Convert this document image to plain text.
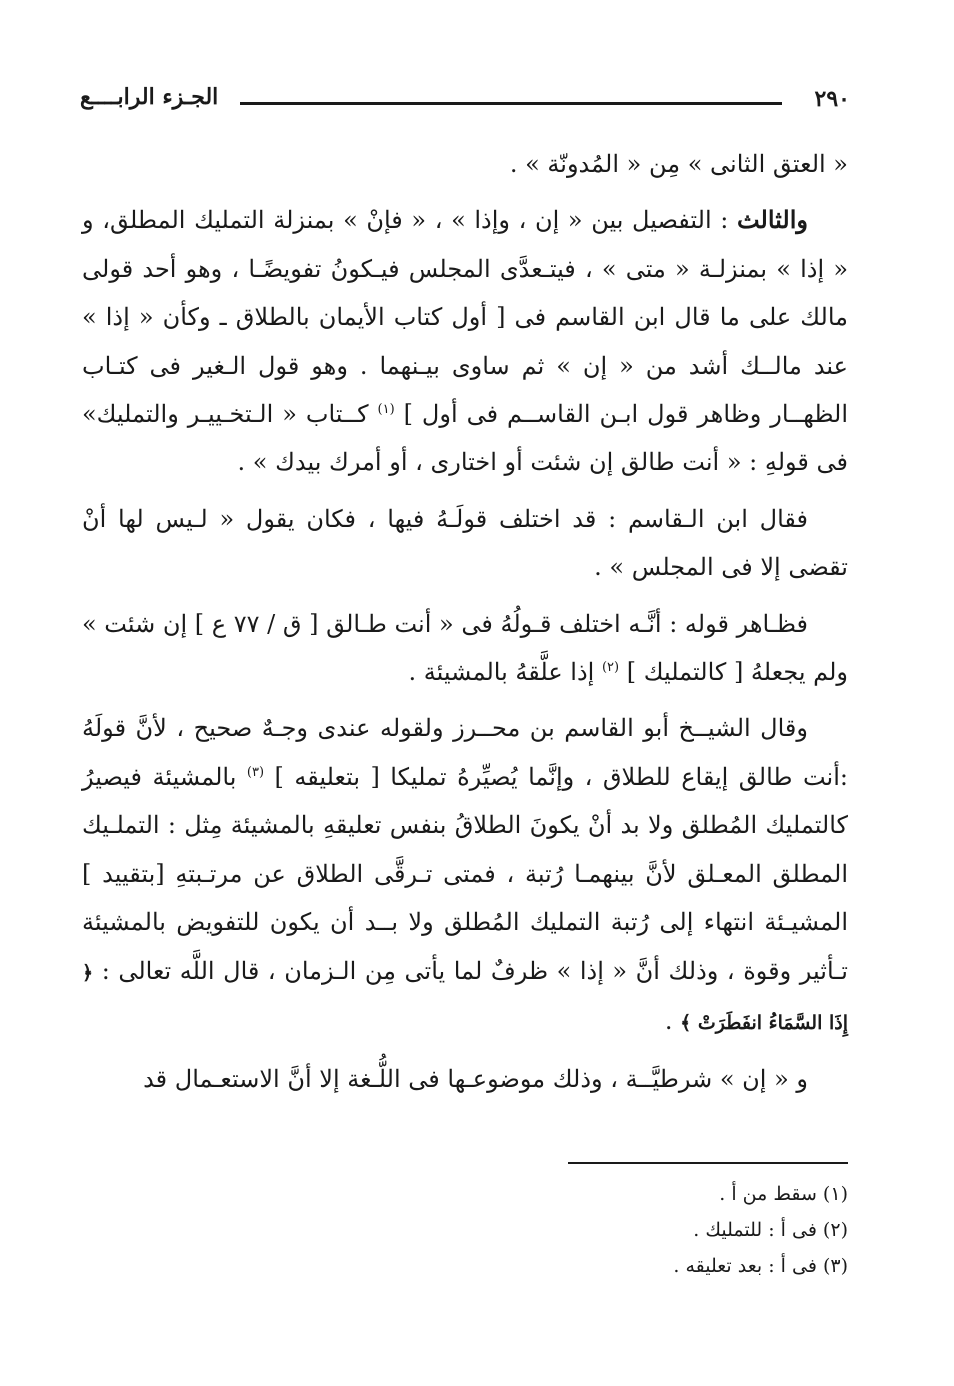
٢٩٠
الجـزء الرابــــع

« العتق الثانى » مِن « المُدونّة » .

والثالث : التفصيل بين « إن ، وإذا » ، « فإنْ » بمنزلة التمليك المطلق، و « إذا » بمنزلـة « متى » ، فيتـعدَّى المجلس فيـكونُ تفويضًـا ، وهو أحد قولى مالك على ما قال ابن القاسم فى [ أول كتاب الأيمان بالطلاق ـ وكأن « إذا » عند مالــك أشد من « إن » ثم ساوى بيـنهما . وهو قول الـغير فى كتـاب الظهــار وظاهر قول ابـن القاســم فى أول ] $^{(١)}$ كــتاب « الـتخـييـر والتمليك» فى قولهِ : « أنت طالق إن شئت أو اختارى ، أو أمرك بيدك » .

فقال ابن الـقاسم : قد اختلف قولَـهُ فيها ، فكان يقول « لـيس لها أنْ تقضى إلا فى المجلس » .

فظـاهر قوله : أنَّـه اختلف قـولُهُ فى « أنت طـالق [ ق / ٧٧ ع ] إن شئت » ولم يجعلهُ [ كالتمليك ] $^{(٢)}$ إذا علَّقهُ بالمشيئة .

وقال الشيــخ أبو القاسم بن محــرز ولقوله عندى وجـهٌ صحيح ، لأنَّ قولَهُ :أنت طالق إيقاع للطلاق ، وإنَّما يُصيِّرهُ تمليكا [ بتعليقه ] $^{(٣)}$ بالمشيئة فيصيرُ كالتمليك المُطلق ولا بد أنْ يكونَ الطلاقُ بنفس تعليقهِ بالمشيئة مِثل : التملـيك المطلق المعـلق لأنَّ بينهمـا رُتبة ، فمتى تـرقَّى الطلاق عن مرتـبتهِ [بتقييد ] المشيـئة انتهاء إلى رُتبة التمليك المُطلق ولا بــد أن يكون للتفويض بالمشيئة تـأثير وقوة ، وذلك أنَّ « إذا » ظرفٌ لما يأتى مِن الـزمان ، قال اللَّه تعالى : ﴿ إِذَا السَّمَاءُ انفَطَرَتْ ﴾ .

و « إن » شرطيَّــة ، وذلك موضوعـها فى اللُّـغة إلا أنَّ الاستعـمال قد

(١) سقط من أ .
(٢) فى أ : للتمليك .
(٣) فى أ : بعد تعليقه .
